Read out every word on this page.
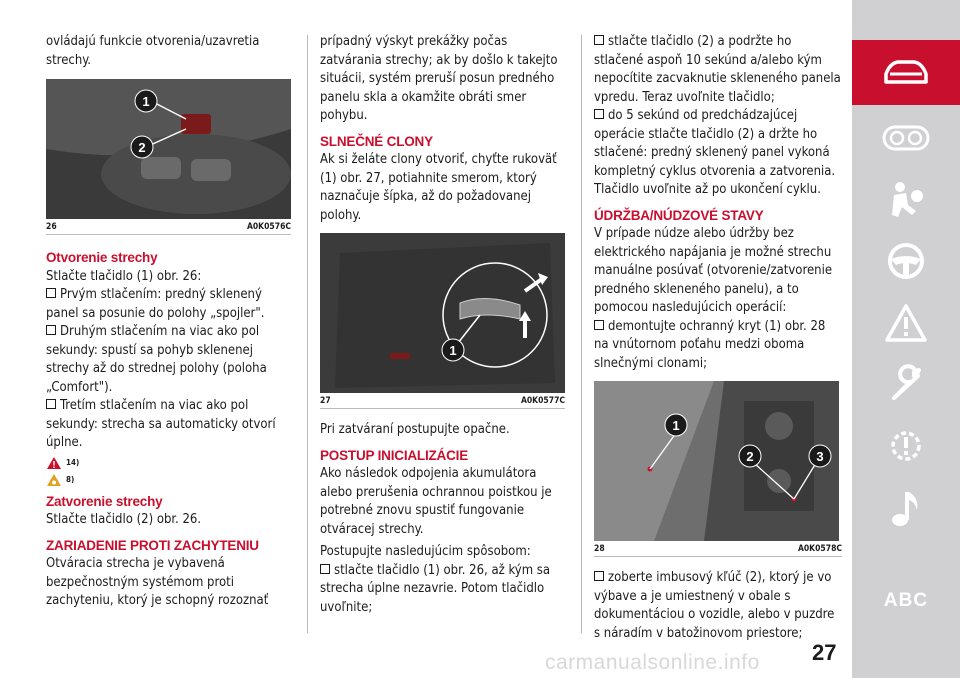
ovládajú funkcie otvorenia/uzavretia strechy.

1
2
26	A0K0576C

Otvorenie strechy

Stlačte tlačidlo (1) obr. 26:

Prvým stlačením: predný sklenený panel sa posunie do polohy „spojler".

Druhým stlačením na viac ako pol sekundy: spustí sa pohyb sklenenej strechy až do strednej polohy (poloha „Comfort").

Tretím stlačením na viac ako pol sekundy: strecha sa automaticky otvorí úplne.

14)
8)

Zatvorenie strechy

Stlačte tlačidlo (2) obr. 26.

ZARIADENIE PROTI ZACHYTENIU

Otváracia strecha je vybavená bezpečnostným systémom proti zachyteniu, ktorý je schopný rozoznať

prípadný výskyt prekážky počas zatvárania strechy; ak by došlo k takejto situácii, systém preruší posun predného panelu skla a okamžite obráti smer pohybu.

SLNEČNÉ CLONY

Ak si želáte clony otvoriť, chyťte rukoväť (1) obr. 27, potiahnite smerom, ktorý naznačuje šípka, až do požadovanej polohy.

1
27	A0K0577C

Pri zatváraní postupujte opačne.

POSTUP INICIALIZÁCIE

Ako následok odpojenia akumulátora alebo prerušenia ochrannou poistkou je potrebné znovu spustiť fungovanie otváracej strechy.

Postupujte nasledujúcim spôsobom:

stlačte tlačidlo (1) obr. 26, až kým sa strecha úplne nezavrie. Potom tlačidlo uvoľnite;

stlačte tlačidlo (2) a podržte ho stlačené aspoň 10 sekúnd a/alebo kým nepocítite zacvaknutie skleneného panela vpredu. Teraz uvoľnite tlačidlo;

do 5 sekúnd od predchádzajúcej operácie stlačte tlačidlo (2) a držte ho stlačené: predný sklenený panel vykoná kompletný cyklus otvorenia a zatvorenia. Tlačidlo uvoľnite až po ukončení cyklu.

ÚDRŽBA/NÚDZOVÉ STAVY

V prípade núdze alebo údržby bez elektrického napájania je možné strechu manuálne posúvať (otvorenie/zatvorenie predného skleneného panelu), a to pomocou nasledujúcich operácií:

demontujte ochranný kryt (1) obr. 28 na vnútornom poťahu medzi oboma slnečnými clonami;

1
2	3
28	A0K0578C

zoberte imbusový kľúč (2), ktorý je vo výbave a je umiestnený v obale s dokumentáciou o vozidle, alebo v puzdre s náradím v batožinovom priestore;

ABC
27
carmanualsonline.info
